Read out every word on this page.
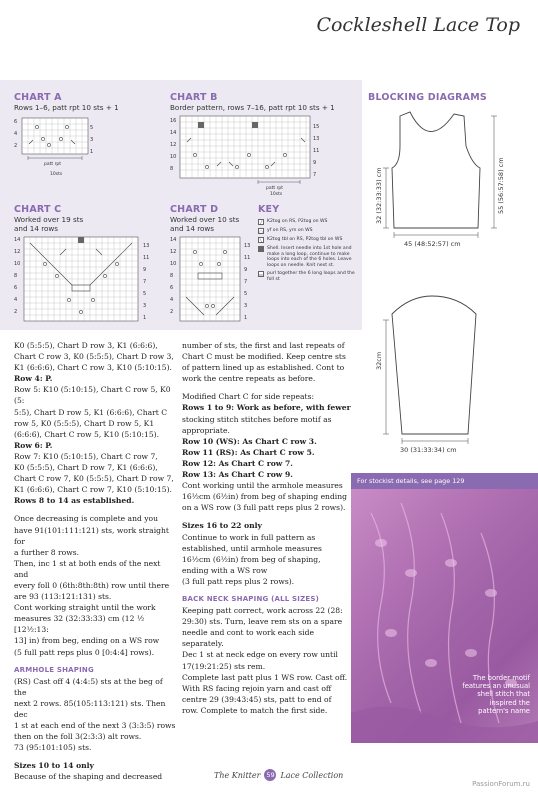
Cockleshell Lace Top
CHART A
Rows 1–6, patt rpt 10 sts + 1
6
4
2
5
3
1
patt rpt
10sts
CHART B
Border pattern, rows 7–16, patt rpt 10 sts + 1
16
14
12
10
8
15
13
11
9
7
patt rpt
10sts
CHART C
Worked over 19 sts
and 14 rows
14
12
10
8
6
4
2
13
11
9
7
5
3
1
CHART D
Worked over 10 sts
and 14 rows
14
12
10
8
6
4
2
13
11
9
7
5
3
1
KEY
╱	K2tog on RS, P2tog on WS
○ yf on RS, yrn on WS
╲	K2tog tbl on RS, P2tog tbl on WS
Shell. Insert needle into 1st hole and make a long loop, continue to make loops into each of the 6 holes. Leave loops on needle. Knit next st.
▭ purl together the 6 long loops and the foll st
BLOCKING DIAGRAMS
32 (32:33:33) cm	55 (56:57:58) cm
45 (48:52:57) cm
32cm
30 (31:33:34) cm

K0 (5:5:5), Chart D row 3, K1 (6:6:6),

Chart C row 3, K0 (5:5:5), Chart D row 3,

K1 (6:6:6), Chart C row 3, K10 (5:10:15).

Row 4: P.

Row 5: K10 (5:10:15), Chart C row 5, K0 (5:

5:5), Chart D row 5, K1 (6:6:6), Chart C

row 5, K0 (5:5:5), Chart D row 5, K1

(6:6:6), Chart C row 5, K10 (5:10:15).

Row 6: P.

Row 7: K10 (5:10:15), Chart C row 7,

K0 (5:5:5), Chart D row 7, K1 (6:6:6),

Chart C row 7, K0 (5:5:5), Chart D row 7,

K1 (6:6:6), Chart C row 7, K10 (5:10:15).

Rows 8 to 14 as established.

Once decreasing is complete and you

have 91(101:111:121) sts, work straight for

a further 8 rows.

Then, inc 1 st at both ends of the next and

every foll 0 (6th:8th:8th) row until there

are 93 (113:121:131) sts.

Cont working straight until the work

measures 32 (32:33:33) cm (12 ½ [12½:13:

13] in) from beg, ending on a WS row

(5 full patt reps plus 0 [0:4:4] rows).

ARMHOLE SHAPING

(RS) Cast off 4 (4:4:5) sts at the beg of the

next 2 rows. 85(105:113:121) sts. Then dec

1 st at each end of the next 3 (3:3:5) rows

then on the foll 3(2:3:3) alt rows.

73 (95:101:105) sts.

Sizes 10 to 14 only

Because of the shaping and decreased

number of sts, the first and last repeats of

Chart C must be modified. Keep centre sts

of pattern lined up as established. Cont to

work the centre repeats as before.

Modified Chart C for side repeats:

Rows 1 to 9: Work as before, with fewer

stocking stitch stitches before motif as

appropriate.

Row 10 (WS): As Chart C row 3.

Row 11 (RS): As Chart C row 5.

Row 12: As Chart C row 7.

Row 13: As Chart C row 9.

Cont working until the armhole measures

16½cm (6½in) from beg of shaping ending

on a WS row (3 full patt reps plus 2 rows).

Sizes 16 to 22 only

Continue to work in full pattern as

established, until armhole measures

16½cm (6½in) from beg of shaping,

ending with a WS row

(3 full patt reps plus 2 rows).

BACK NECK SHAPING (ALL SIZES)

Keeping patt correct, work across 22 (28:

29:30) sts. Turn, leave rem sts on a spare

needle and cont to work each side

separately.

Dec 1 st at neck edge on every row until

17(19:21:25) sts rem.

Complete last patt plus 1 WS row. Cast off.

With RS facing rejoin yarn and cast off

centre 29 (39:43:45) sts, patt to end of

row. Complete to match the first side.

For stockist details, see page 129
The border motif features an unusual shell stitch that inspired the pattern's name
The Knitter 59 Lace Collection
PassionForum.ru
